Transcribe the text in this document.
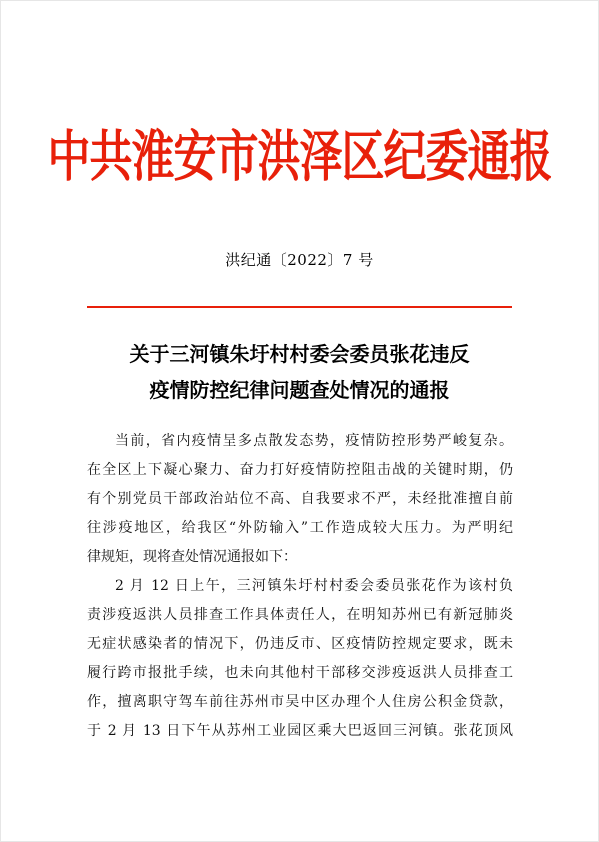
中共淮安市洪泽区纪委通报
洪纪通〔2022〕7 号
关于三河镇朱圩村村委会委员张花违反
疫情防控纪律问题查处情况的通报
当前，省内疫情呈多点散发态势，疫情防控形势严峻复杂。
在全区上下凝心聚力、奋力打好疫情防控阻击战的关键时期，仍
有个别党员干部政治站位不高、自我要求不严，未经批准擅自前
往涉疫地区，给我区“外防输入”工作造成较大压力。为严明纪
律规矩，现将查处情况通报如下：
2 月 12 日上午，三河镇朱圩村村委会委员张花作为该村负
责涉疫返洪人员排查工作具体责任人，在明知苏州已有新冠肺炎
无症状感染者的情况下，仍违反市、区疫情防控规定要求，既未
履行跨市报批手续，也未向其他村干部移交涉疫返洪人员排查工
作，擅离职守驾车前往苏州市吴中区办理个人住房公积金贷款，
于 2 月 13 日下午从苏州工业园区乘大巴返回三河镇。张花顶风
